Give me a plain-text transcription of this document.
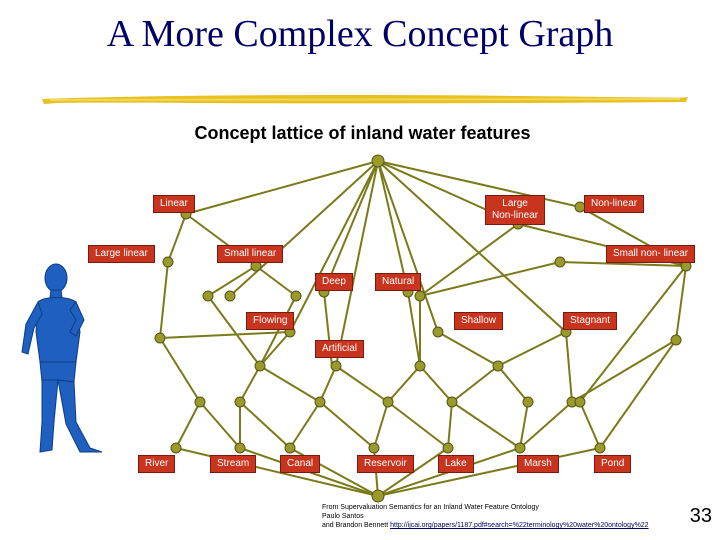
A More Complex Concept Graph
Concept lattice of inland water features
Linear	Large
Non-linear
Non-linear
Large linear	Small linear	Small non- linear
Deep	Natural
Flowing	Shallow	Stagnant
Artificial
River	Stream	Canal	Reservoir	Lake	Marsh	Pond
From Supervaluation Semantics for an Inland Water Feature Ontology
Paulo Santos
and Brandon Bennett http://ijcai.org/papers/1187.pdf#search=%22terminology%20water%20ontology%22 33
